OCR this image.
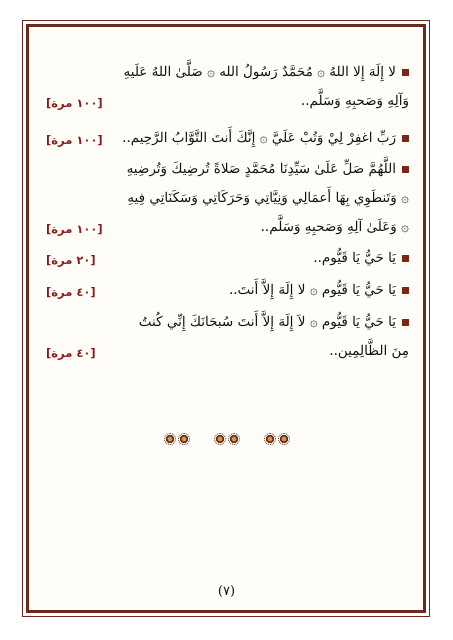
لا إِلَهَ إِلا اللهُ ۞ مُحَمَّدٌ رَسُولُ الله ۞ صَلَّىٰ اللهُ عَلَيهِ
وَآلِهِ وَصَحبِهِ وَسَلَّم..
[١٠٠ مرة]
رَبِّ اغفِرْ لِيْ وَتُبْ عَلَيَّ ۞ إِنَّكَ أَنتَ التَّوَّابُ الرَّحِيم..
[١٠٠ مرة]
اللَّهُمَّ صَلِّ عَلَىٰ سَيِّدِنَا مُحَمَّدٍ صَلاةً تُرضِيكَ وَتُرضِيهِ
۞ وَتَنطَوِي بِهَا أَعمَالِي وَنِيَّاتِي وَحَرَكَاتِي وَسَكَنَاتِي فِيهِ
۞ وَعَلَىٰ آلِهِ وَصَحبِهِ وَسَلَّم..
[١٠٠ مرة]
يَا حَيُّ يَا قَيُّوم..
[٢٠ مرة]
يَا حَيُّ يَا قَيُّوم ۞ لا إِلَهَ إِلاَّ أَنتَ..
[٤٠ مرة]
يَا حَيُّ يَا قَيُّوم ۞ لاَ إِلَهَ إِلاَّ أَنتَ سُبحَانَكَ إِنِّي كُنتُ
مِنَ الظَّالِمِين..
[٤٠ مرة]
(٧)
